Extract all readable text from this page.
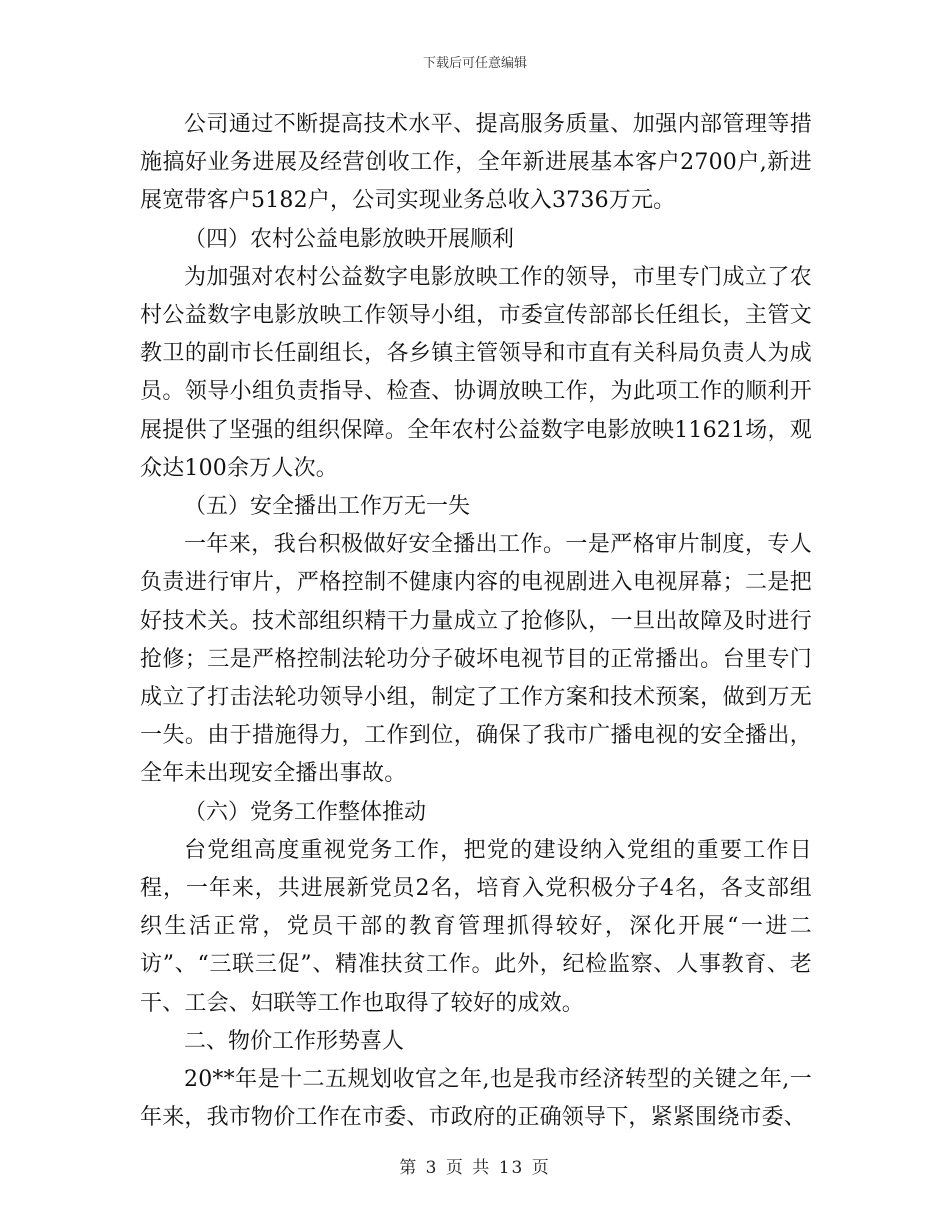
下载后可任意编辑

公司通过不断提高技术水平、提高服务质量、加强内部管理等措施搞好业务进展及经营创收工作，全年新进展基本客户2700户,新进展宽带客户5182户，公司实现业务总收入3736万元。

（四）农村公益电影放映开展顺利

为加强对农村公益数字电影放映工作的领导，市里专门成立了农村公益数字电影放映工作领导小组，市委宣传部部长任组长，主管文教卫的副市长任副组长，各乡镇主管领导和市直有关科局负责人为成员。领导小组负责指导、检查、协调放映工作，为此项工作的顺利开展提供了坚强的组织保障。全年农村公益数字电影放映11621场，观众达100余万人次。

（五）安全播出工作万无一失

一年来，我台积极做好安全播出工作。一是严格审片制度，专人负责进行审片，严格控制不健康内容的电视剧进入电视屏幕；二是把好技术关。技术部组织精干力量成立了抢修队，一旦出故障及时进行抢修；三是严格控制法轮功分子破坏电视节目的正常播出。台里专门成立了打击法轮功领导小组，制定了工作方案和技术预案，做到万无一失。由于措施得力，工作到位，确保了我市广播电视的安全播出，全年未出现安全播出事故。

（六）党务工作整体推动

台党组高度重视党务工作，把党的建设纳入党组的重要工作日程，一年来，共进展新党员2名，培育入党积极分子4名，各支部组织生活正常，党员干部的教育管理抓得较好，深化开展“一进二访”、“三联三促”、精准扶贫工作。此外，纪检监察、人事教育、老干、工会、妇联等工作也取得了较好的成效。

二、物价工作形势喜人

20**年是十二五规划收官之年,也是我市经济转型的关键之年,一年来，我市物价工作在市委、市政府的正确领导下，紧紧围绕市委、

第 3 页 共 13 页
